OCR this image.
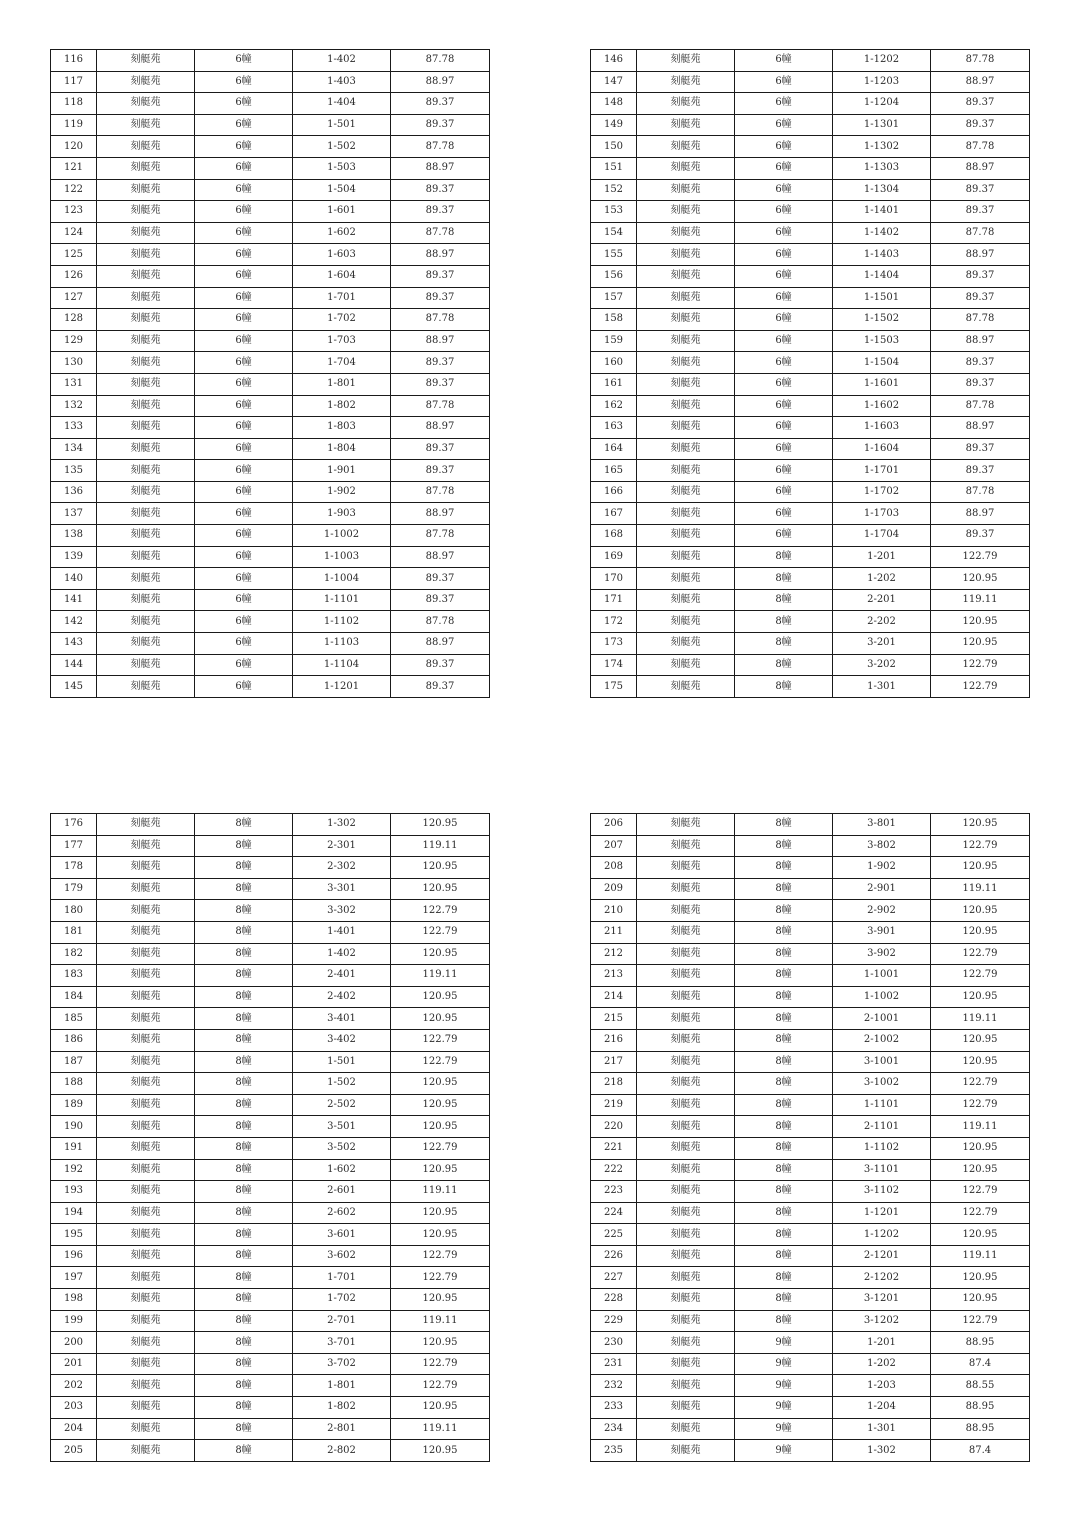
116	刻艇苑	6幢	1-402	87.78
117	刻艇苑	6幢	1-403	88.97
118	刻艇苑	6幢	1-404	89.37
119	刻艇苑	6幢	1-501	89.37
120	刻艇苑	6幢	1-502	87.78
121	刻艇苑	6幢	1-503	88.97
122	刻艇苑	6幢	1-504	89.37
123	刻艇苑	6幢	1-601	89.37
124	刻艇苑	6幢	1-602	87.78
125	刻艇苑	6幢	1-603	88.97
126	刻艇苑	6幢	1-604	89.37
127	刻艇苑	6幢	1-701	89.37
128	刻艇苑	6幢	1-702	87.78
129	刻艇苑	6幢	1-703	88.97
130	刻艇苑	6幢	1-704	89.37
131	刻艇苑	6幢	1-801	89.37
132	刻艇苑	6幢	1-802	87.78
133	刻艇苑	6幢	1-803	88.97
134	刻艇苑	6幢	1-804	89.37
135	刻艇苑	6幢	1-901	89.37
136	刻艇苑	6幢	1-902	87.78
137	刻艇苑	6幢	1-903	88.97
138	刻艇苑	6幢	1-1002	87.78
139	刻艇苑	6幢	1-1003	88.97
140	刻艇苑	6幢	1-1004	89.37
141	刻艇苑	6幢	1-1101	89.37
142	刻艇苑	6幢	1-1102	87.78
143	刻艇苑	6幢	1-1103	88.97
144	刻艇苑	6幢	1-1104	89.37
145	刻艇苑	6幢	1-1201	89.37
146	刻艇苑	6幢	1-1202	87.78
147	刻艇苑	6幢	1-1203	88.97
148	刻艇苑	6幢	1-1204	89.37
149	刻艇苑	6幢	1-1301	89.37
150	刻艇苑	6幢	1-1302	87.78
151	刻艇苑	6幢	1-1303	88.97
152	刻艇苑	6幢	1-1304	89.37
153	刻艇苑	6幢	1-1401	89.37
154	刻艇苑	6幢	1-1402	87.78
155	刻艇苑	6幢	1-1403	88.97
156	刻艇苑	6幢	1-1404	89.37
157	刻艇苑	6幢	1-1501	89.37
158	刻艇苑	6幢	1-1502	87.78
159	刻艇苑	6幢	1-1503	88.97
160	刻艇苑	6幢	1-1504	89.37
161	刻艇苑	6幢	1-1601	89.37
162	刻艇苑	6幢	1-1602	87.78
163	刻艇苑	6幢	1-1603	88.97
164	刻艇苑	6幢	1-1604	89.37
165	刻艇苑	6幢	1-1701	89.37
166	刻艇苑	6幢	1-1702	87.78
167	刻艇苑	6幢	1-1703	88.97
168	刻艇苑	6幢	1-1704	89.37
169	刻艇苑	8幢	1-201	122.79
170	刻艇苑	8幢	1-202	120.95
171	刻艇苑	8幢	2-201	119.11
172	刻艇苑	8幢	2-202	120.95
173	刻艇苑	8幢	3-201	120.95
174	刻艇苑	8幢	3-202	122.79
175	刻艇苑	8幢	1-301	122.79
176	刻艇苑	8幢	1-302	120.95
177	刻艇苑	8幢	2-301	119.11
178	刻艇苑	8幢	2-302	120.95
179	刻艇苑	8幢	3-301	120.95
180	刻艇苑	8幢	3-302	122.79
181	刻艇苑	8幢	1-401	122.79
182	刻艇苑	8幢	1-402	120.95
183	刻艇苑	8幢	2-401	119.11
184	刻艇苑	8幢	2-402	120.95
185	刻艇苑	8幢	3-401	120.95
186	刻艇苑	8幢	3-402	122.79
187	刻艇苑	8幢	1-501	122.79
188	刻艇苑	8幢	1-502	120.95
189	刻艇苑	8幢	2-502	120.95
190	刻艇苑	8幢	3-501	120.95
191	刻艇苑	8幢	3-502	122.79
192	刻艇苑	8幢	1-602	120.95
193	刻艇苑	8幢	2-601	119.11
194	刻艇苑	8幢	2-602	120.95
195	刻艇苑	8幢	3-601	120.95
196	刻艇苑	8幢	3-602	122.79
197	刻艇苑	8幢	1-701	122.79
198	刻艇苑	8幢	1-702	120.95
199	刻艇苑	8幢	2-701	119.11
200	刻艇苑	8幢	3-701	120.95
201	刻艇苑	8幢	3-702	122.79
202	刻艇苑	8幢	1-801	122.79
203	刻艇苑	8幢	1-802	120.95
204	刻艇苑	8幢	2-801	119.11
205	刻艇苑	8幢	2-802	120.95
206	刻艇苑	8幢	3-801	120.95
207	刻艇苑	8幢	3-802	122.79
208	刻艇苑	8幢	1-902	120.95
209	刻艇苑	8幢	2-901	119.11
210	刻艇苑	8幢	2-902	120.95
211	刻艇苑	8幢	3-901	120.95
212	刻艇苑	8幢	3-902	122.79
213	刻艇苑	8幢	1-1001	122.79
214	刻艇苑	8幢	1-1002	120.95
215	刻艇苑	8幢	2-1001	119.11
216	刻艇苑	8幢	2-1002	120.95
217	刻艇苑	8幢	3-1001	120.95
218	刻艇苑	8幢	3-1002	122.79
219	刻艇苑	8幢	1-1101	122.79
220	刻艇苑	8幢	2-1101	119.11
221	刻艇苑	8幢	1-1102	120.95
222	刻艇苑	8幢	3-1101	120.95
223	刻艇苑	8幢	3-1102	122.79
224	刻艇苑	8幢	1-1201	122.79
225	刻艇苑	8幢	1-1202	120.95
226	刻艇苑	8幢	2-1201	119.11
227	刻艇苑	8幢	2-1202	120.95
228	刻艇苑	8幢	3-1201	120.95
229	刻艇苑	8幢	3-1202	122.79
230	刻艇苑	9幢	1-201	88.95
231	刻艇苑	9幢	1-202	87.4
232	刻艇苑	9幢	1-203	88.55
233	刻艇苑	9幢	1-204	88.95
234	刻艇苑	9幢	1-301	88.95
235	刻艇苑	9幢	1-302	87.4
